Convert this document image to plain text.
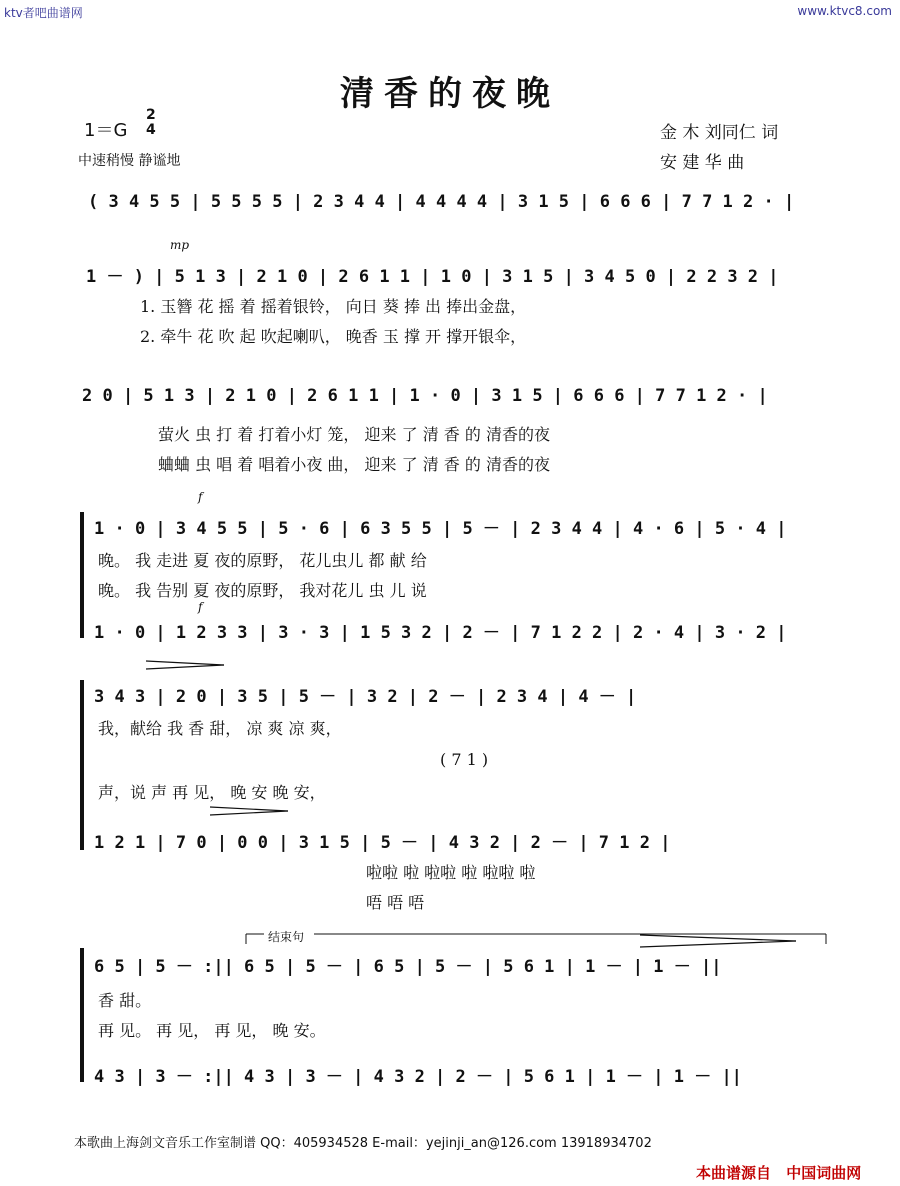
ktv者吧曲谱网	www.ktvc8.com
清香的夜晚
1＝G
2
4
中速稍慢 静谧地
金 木 刘同仁 词
安 建 华 曲
( 3 4 5 5 | 5 5 5 5 | 2 3 4 4 | 4 4 4 4 | 3 1 5 | 6 6 6 | 7 7 1 2 · |
mp
1 － ) | 5 1 3 | 2 1 0 | 2 6 1 1 | 1 0 | 3 1 5 | 3 4 5 0 | 2 2 3 2 |
1. 玉簪 花 摇 着 摇着银铃， 向日 葵 捧 出 捧出金盘，
2. 牵牛 花 吹 起 吹起喇叭， 晚香 玉 撑 开 撑开银伞，
2 0 | 5 1 3 | 2 1 0 | 2 6 1 1 | 1 · 0 | 3 1 5 | 6 6 6 | 7 7 1 2 · |
萤火 虫 打 着 打着小灯 笼， 迎来 了 清 香 的 清香的夜
蛐蛐 虫 唱 着 唱着小夜 曲， 迎来 了 清 香 的 清香的夜
f
1 · 0 | 3 4 5 5 | 5 · 6 | 6 3 5 5 | 5 － | 2 3 4 4 | 4 · 6 | 5 · 4 |
晚。 我 走进 夏 夜的原野， 花儿虫儿 都 献 给
晚。 我 告别 夏 夜的原野， 我对花儿 虫 儿 说
f
1 · 0 | 1 2 3 3 | 3 · 3 | 1 5 3 2 | 2 － | 7 1 2 2 | 2 · 4 | 3 · 2 |
3 4 3 | 2 0 | 3 5 | 5 － | 3 2 | 2 － | 2 3 4 | 4 － |
我，献给 我 香 甜， 凉 爽 凉 爽，
( 7 1 )
声，说 声 再 见， 晚 安 晚 安，
1 2 1 | 7 0 | 0 0 | 3 1 5 | 5 － | 4 3 2 | 2 － | 7 1 2 |
啦啦 啦 啦啦 啦 啦啦 啦
唔 唔 唔
结束句
6 5 | 5 － :|| 6 5 | 5 － | 6 5 | 5 － | 5 6 1 | 1 － | 1 － ||
香 甜。
再 见。 再 见， 再 见， 晚 安。
4 3 | 3 － :|| 4 3 | 3 － | 4 3 2 | 2 － | 5 6 1 | 1 － | 1 － ||
本歌曲上海剑文音乐工作室制谱 QQ：405934528 E-mail：yejinji_an@126.com 13918934702
本曲谱源自 中国词曲网
